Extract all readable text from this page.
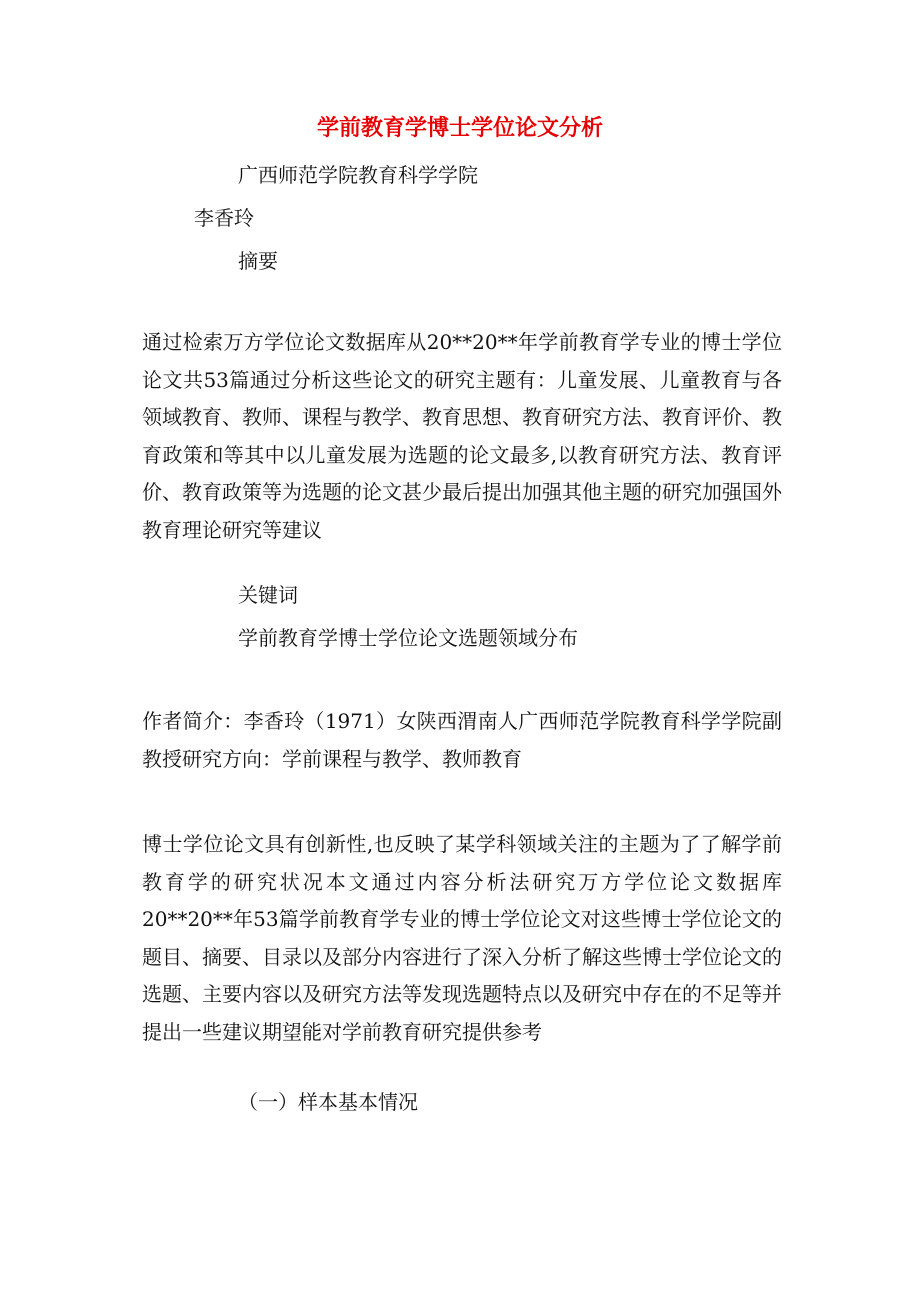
学前教育学博士学位论文分析
广西师范学院教育科学学院
李香玲
摘要

通过检索万方学位论文数据库从20**20**年学前教育学专业的博士学位论文共53篇通过分析这些论文的研究主题有：儿童发展、儿童教育与各领域教育、教师、课程与教学、教育思想、教育研究方法、教育评价、教育政策和等其中以儿童发展为选题的论文最多,以教育研究方法、教育评价、教育政策等为选题的论文甚少最后提出加强其他主题的研究加强国外教育理论研究等建议

关键词
学前教育学博士学位论文选题领域分布

作者简介：李香玲（1971）女陕西渭南人广西师范学院教育科学学院副教授研究方向：学前课程与教学、教师教育

博士学位论文具有创新性,也反映了某学科领域关注的主题为了了解学前教育学的研究状况本文通过内容分析法研究万方学位论文数据库20**20**年53篇学前教育学专业的博士学位论文对这些博士学位论文的题目、摘要、目录以及部分内容进行了深入分析了解这些博士学位论文的选题、主要内容以及研究方法等发现选题特点以及研究中存在的不足等并提出一些建议期望能对学前教育研究提供参考

（一）样本基本情况
